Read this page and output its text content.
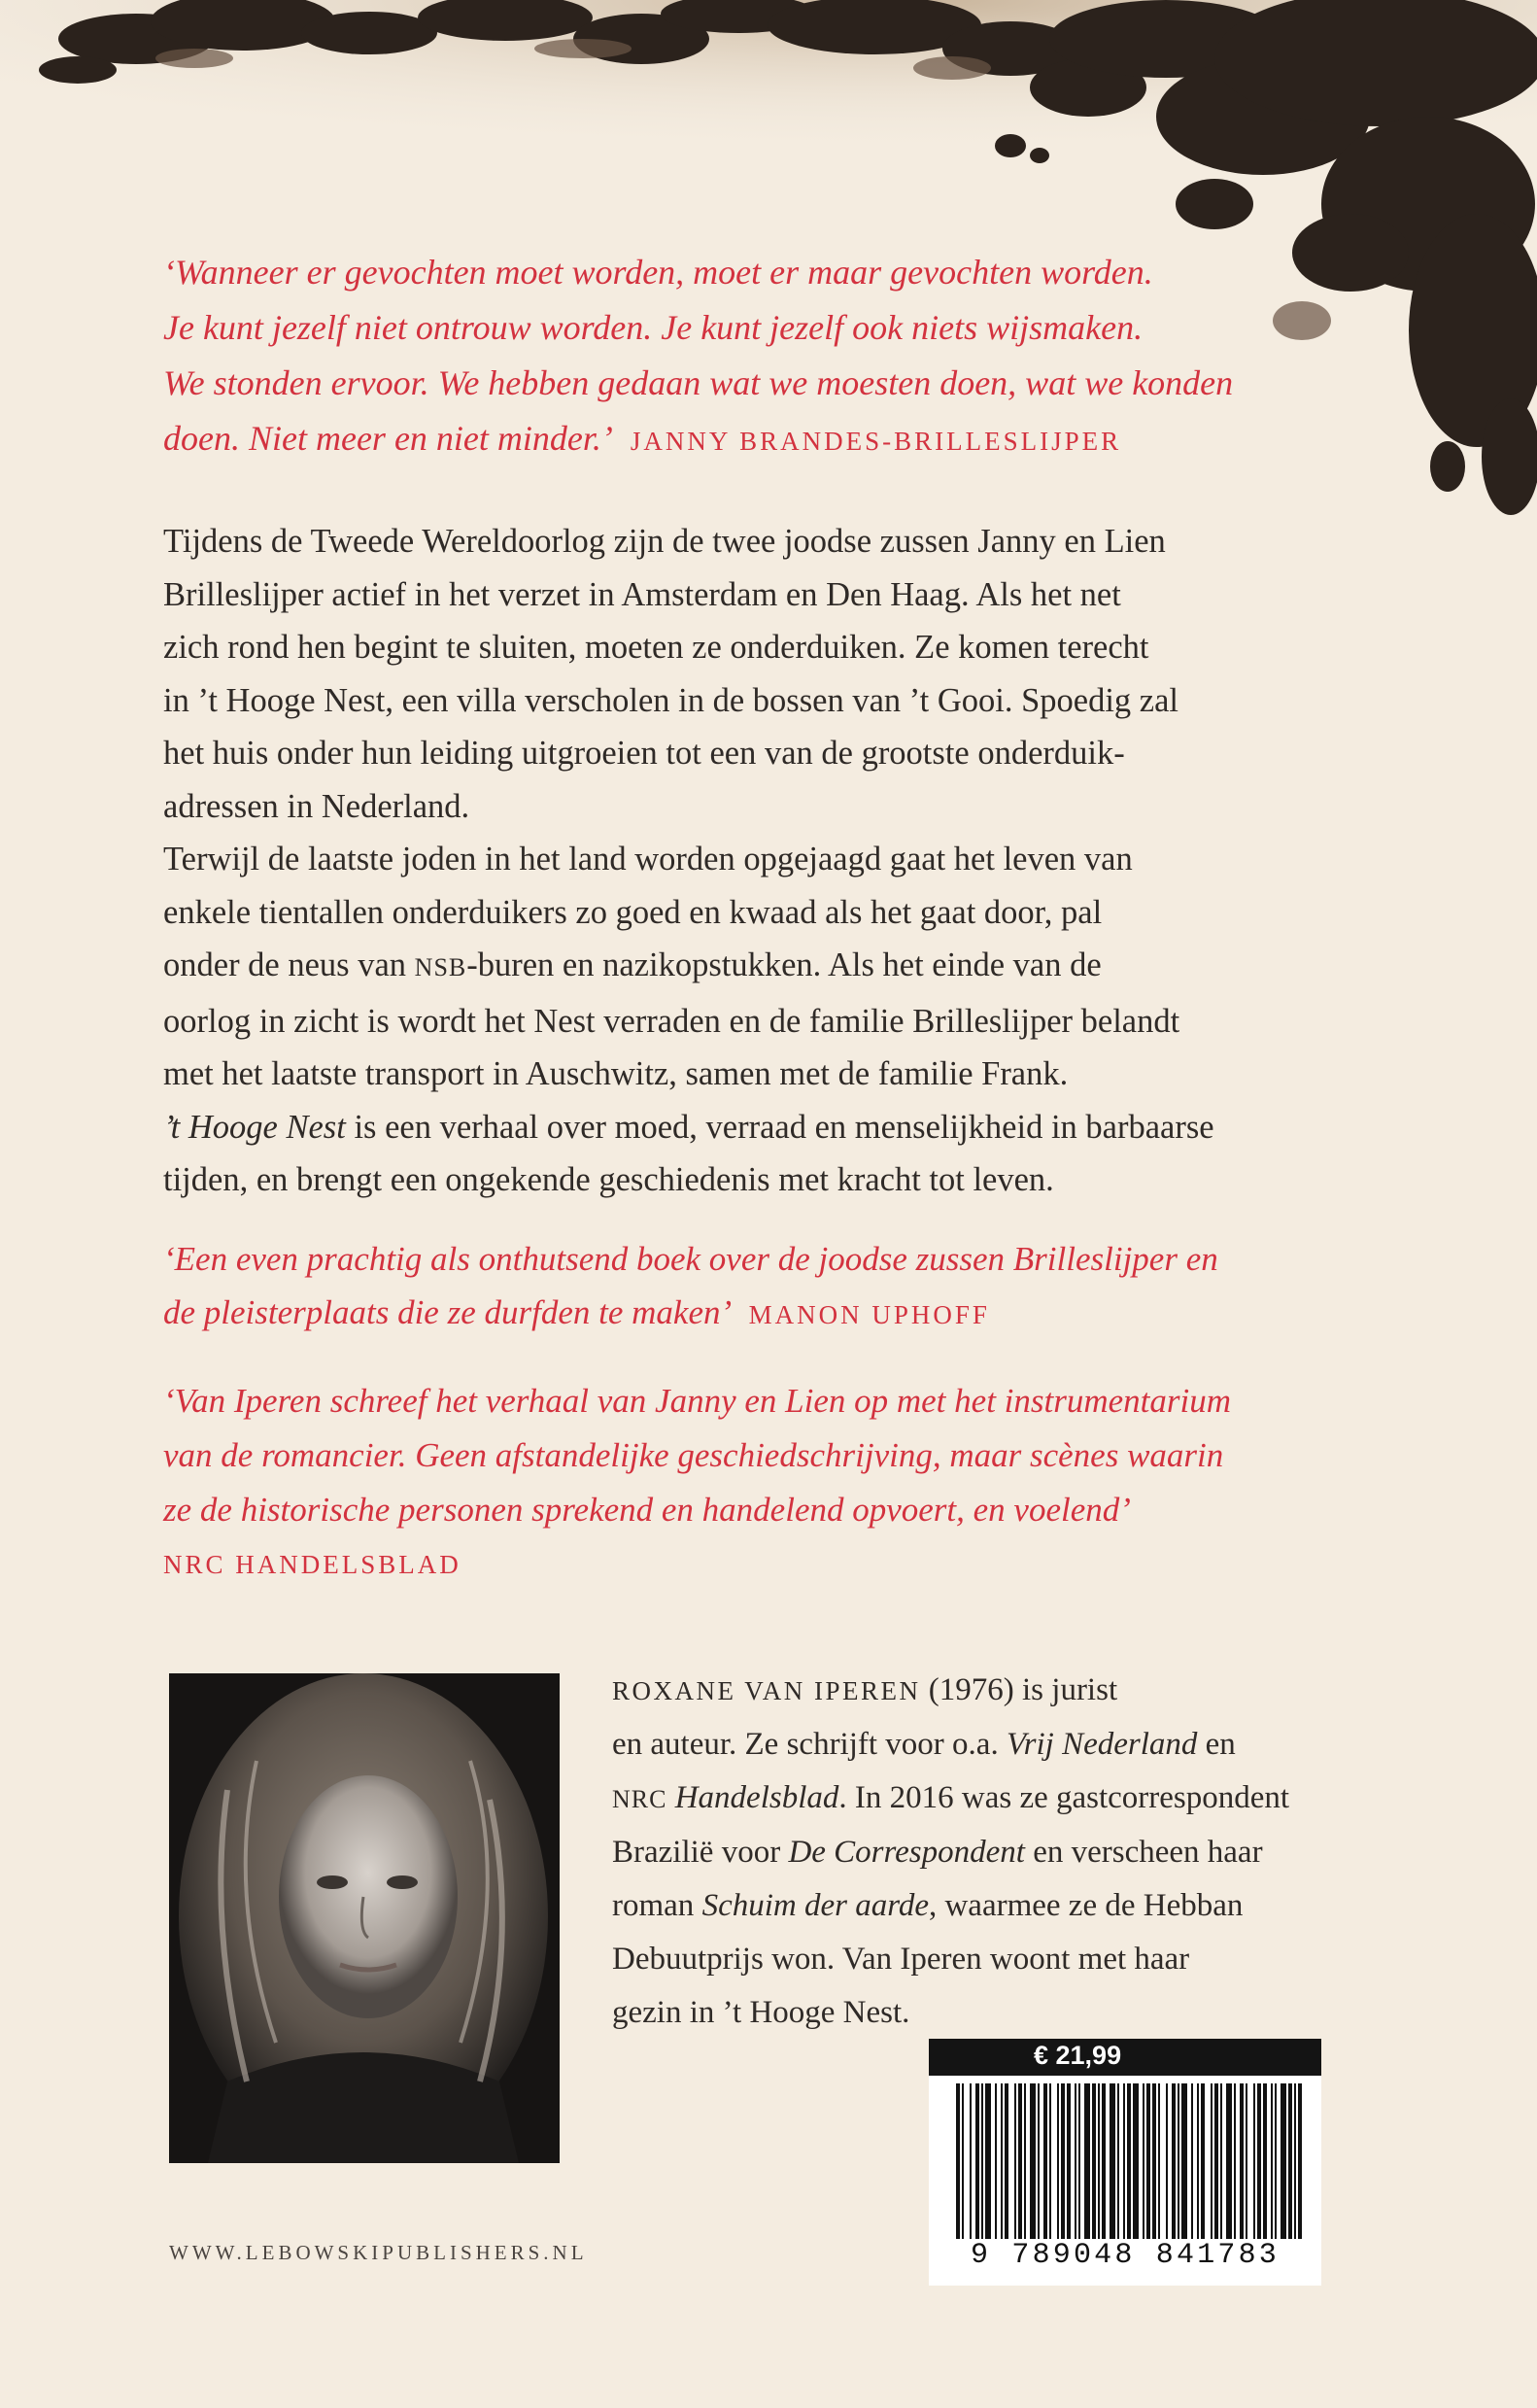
‘Wanneer er gevochten moet worden, moet er maar gevochten worden.
Je kunt jezelf niet ontrouw worden. Je kunt jezelf ook niets wijsmaken.
We stonden ervoor. We hebben gedaan wat we moesten doen, wat we konden
doen. Niet meer en niet minder.’ JANNY BRANDES-BRILLESLIJPER

Tijdens de Tweede Wereldoorlog zijn de twee joodse zussen Janny en Lien
Brilleslijper actief in het verzet in Amsterdam en Den Haag. Als het net
zich rond hen begint te sluiten, moeten ze onderduiken. Ze komen terecht
in ’t Hooge Nest, een villa verscholen in de bossen van ’t Gooi. Spoedig zal
het huis onder hun leiding uitgroeien tot een van de grootste onderduik-
adressen in Nederland.

Terwijl de laatste joden in het land worden opgejaagd gaat het leven van
enkele tientallen onderduikers zo goed en kwaad als het gaat door, pal
onder de neus van NSB-buren en nazikopstukken. Als het einde van de
oorlog in zicht is wordt het Nest verraden en de familie Brilleslijper belandt
met het laatste transport in Auschwitz, samen met de familie Frank.

’t Hooge Nest is een verhaal over moed, verraad en menselijkheid in barbaarse
tijden, en brengt een ongekende geschiedenis met kracht tot leven.

‘Een even prachtig als onthutsend boek over de joodse zussen Brilleslijper en
de pleisterplaats die ze durfden te maken’ MANON UPHOFF
‘Van Iperen schreef het verhaal van Janny en Lien op met het instrumentarium
van de romancier. Geen afstandelijke geschiedschrijving, maar scènes waarin
ze de historische personen sprekend en handelend opvoert, en voelend’
NRC HANDELSBLAD
ROXANE VAN IPEREN (1976) is jurist
en auteur. Ze schrijft voor o.a. Vrij Nederland en
NRC Handelsblad. In 2016 was ze gastcorrespondent
Brazilië voor De Correspondent en verscheen haar
roman Schuim der aarde, waarmee ze de Hebban
Debuutprijs won. Van Iperen woont met haar
gezin in ’t Hooge Nest.
€ 21,99
9 789048 841783
WWW.LEBOWSKIPUBLISHERS.NL
